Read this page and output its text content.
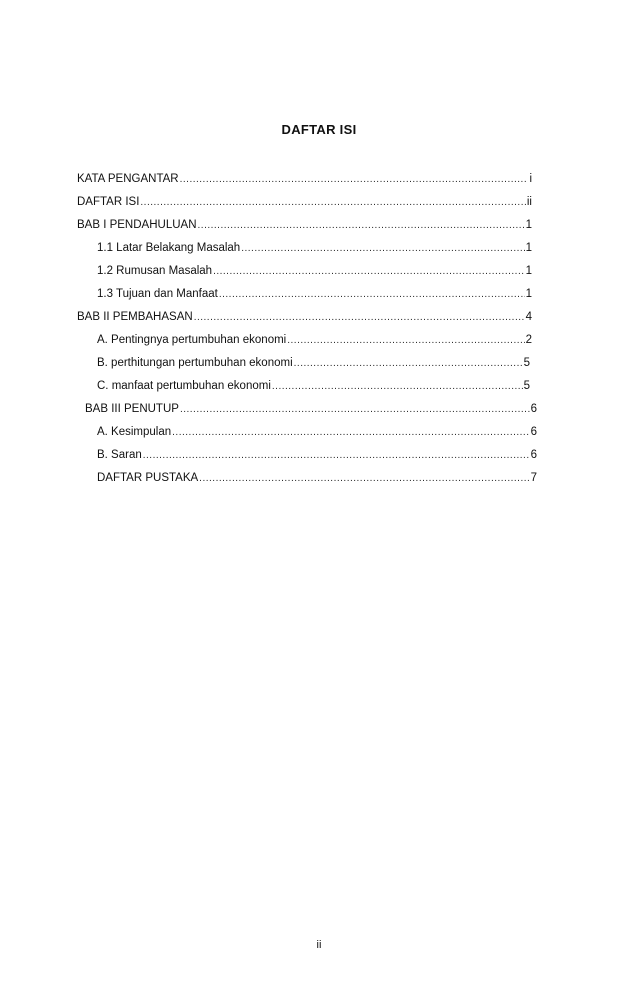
DAFTAR ISI
KATA PENGANTAR .....	i
DAFTAR ISI .....	ii
BAB I PENDAHULUAN .....	1
1.1 Latar Belakang Masalah .....	1
1.2 Rumusan Masalah .....	1
1.3 Tujuan dan Manfaat .....	1
BAB II PEMBAHASAN .....	4
A. Pentingnya pertumbuhan ekonomi .....	2
B. perthitungan pertumbuhan ekonomi .....	5
C. manfaat pertumbuhan ekonomi .....	5
BAB III PENUTUP .....	6
A. Kesimpulan .....	6
B. Saran .....	6
DAFTAR PUSTAKA .....	7
ii
